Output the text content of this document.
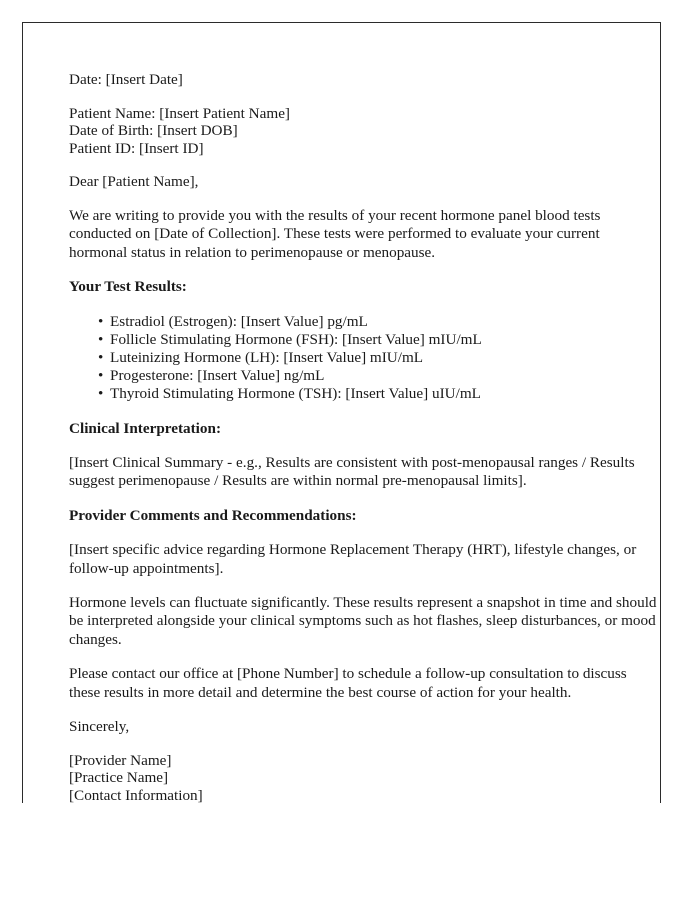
Date: [Insert Date]
Patient Name: [Insert Patient Name]
Date of Birth: [Insert DOB]
Patient ID: [Insert ID]
Dear [Patient Name],

We are writing to provide you with the results of your recent hormone panel blood tests conducted on [Date of Collection]. These tests were performed to evaluate your current hormonal status in relation to perimenopause or menopause.

Your Test Results:

• Estradiol (Estrogen): [Insert Value] pg/mL
• Follicle Stimulating Hormone (FSH): [Insert Value] mIU/mL
• Luteinizing Hormone (LH): [Insert Value] mIU/mL
• Progesterone: [Insert Value] ng/mL
• Thyroid Stimulating Hormone (TSH): [Insert Value] uIU/mL

Clinical Interpretation:

[Insert Clinical Summary - e.g., Results are consistent with post-menopausal ranges / Results suggest perimenopause / Results are within normal pre-menopausal limits].

Provider Comments and Recommendations:

[Insert specific advice regarding Hormone Replacement Therapy (HRT), lifestyle changes, or follow-up appointments].

Hormone levels can fluctuate significantly. These results represent a snapshot in time and should be interpreted alongside your clinical symptoms such as hot flashes, sleep disturbances, or mood changes.

Please contact our office at [Phone Number] to schedule a follow-up consultation to discuss these results in more detail and determine the best course of action for your health.

Sincerely,
[Provider Name]
[Practice Name]
[Contact Information]
